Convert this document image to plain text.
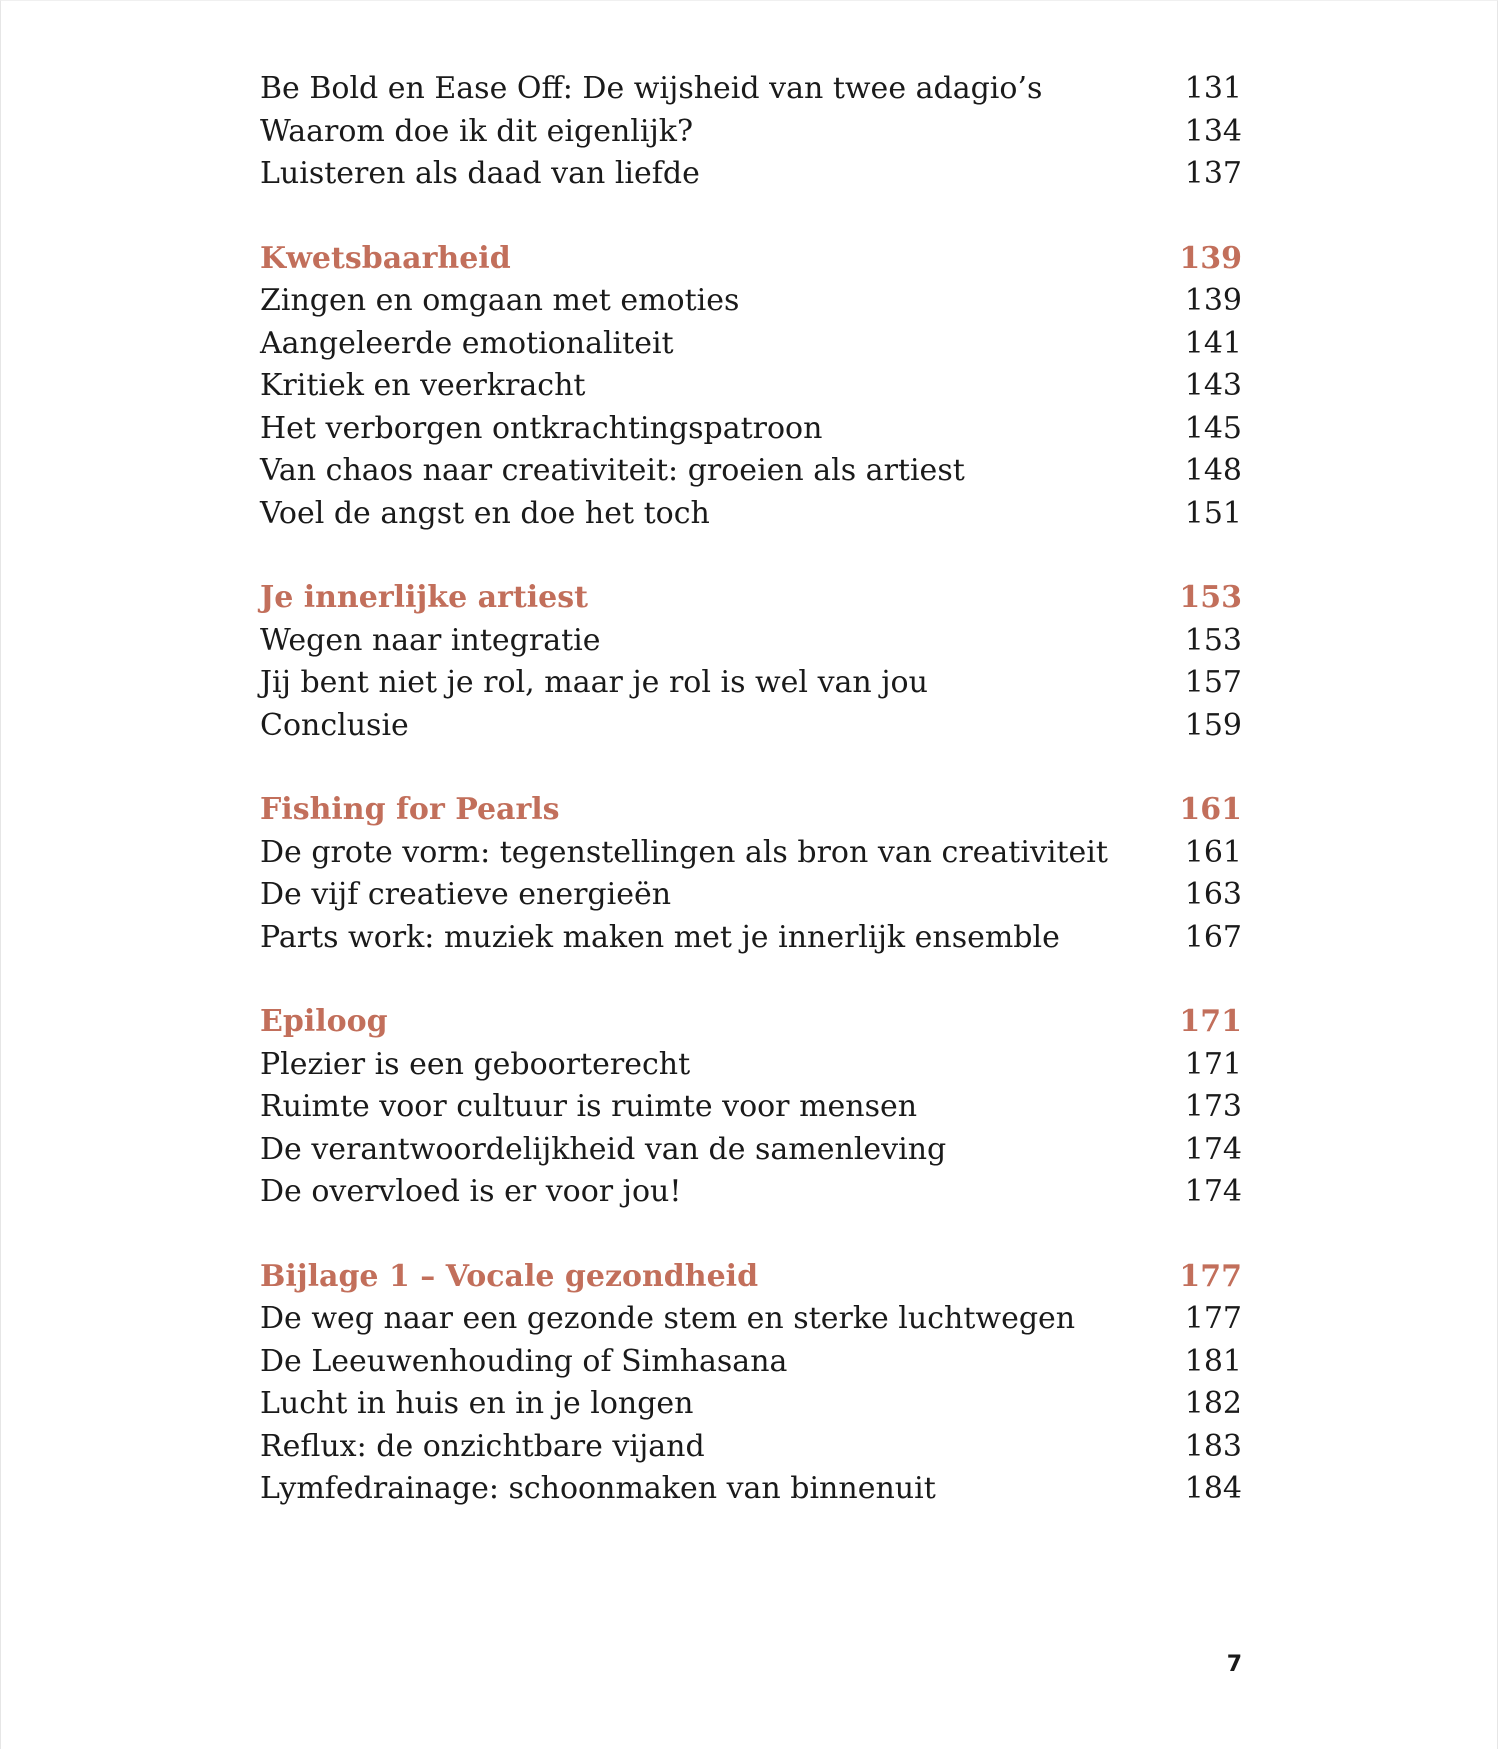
Be Bold en Ease Off: De wijsheid van twee adagio’s	131
Waarom doe ik dit eigenlijk?	134
Luisteren als daad van liefde	137
Kwetsbaarheid	139
Zingen en omgaan met emoties	139
Aangeleerde emotionaliteit	141
Kritiek en veerkracht	143
Het verborgen ontkrachtingspatroon	145
Van chaos naar creativiteit: groeien als artiest	148
Voel de angst en doe het toch	151
Je innerlijke artiest	153
Wegen naar integratie	153
Jij bent niet je rol, maar je rol is wel van jou	157
Conclusie	159
Fishing for Pearls	161
De grote vorm: tegenstellingen als bron van creativiteit	161
De vijf creatieve energieën	163
Parts work: muziek maken met je innerlijk ensemble	167
Epiloog	171
Plezier is een geboorterecht	171
Ruimte voor cultuur is ruimte voor mensen	173
De verantwoordelijkheid van de samenleving	174
De overvloed is er voor jou!	174
Bijlage 1 – Vocale gezondheid	177
De weg naar een gezonde stem en sterke luchtwegen	177
De Leeuwenhouding of Simhasana	181
Lucht in huis en in je longen	182
Reflux: de onzichtbare vijand	183
Lymfedrainage: schoonmaken van binnenuit	184
7
